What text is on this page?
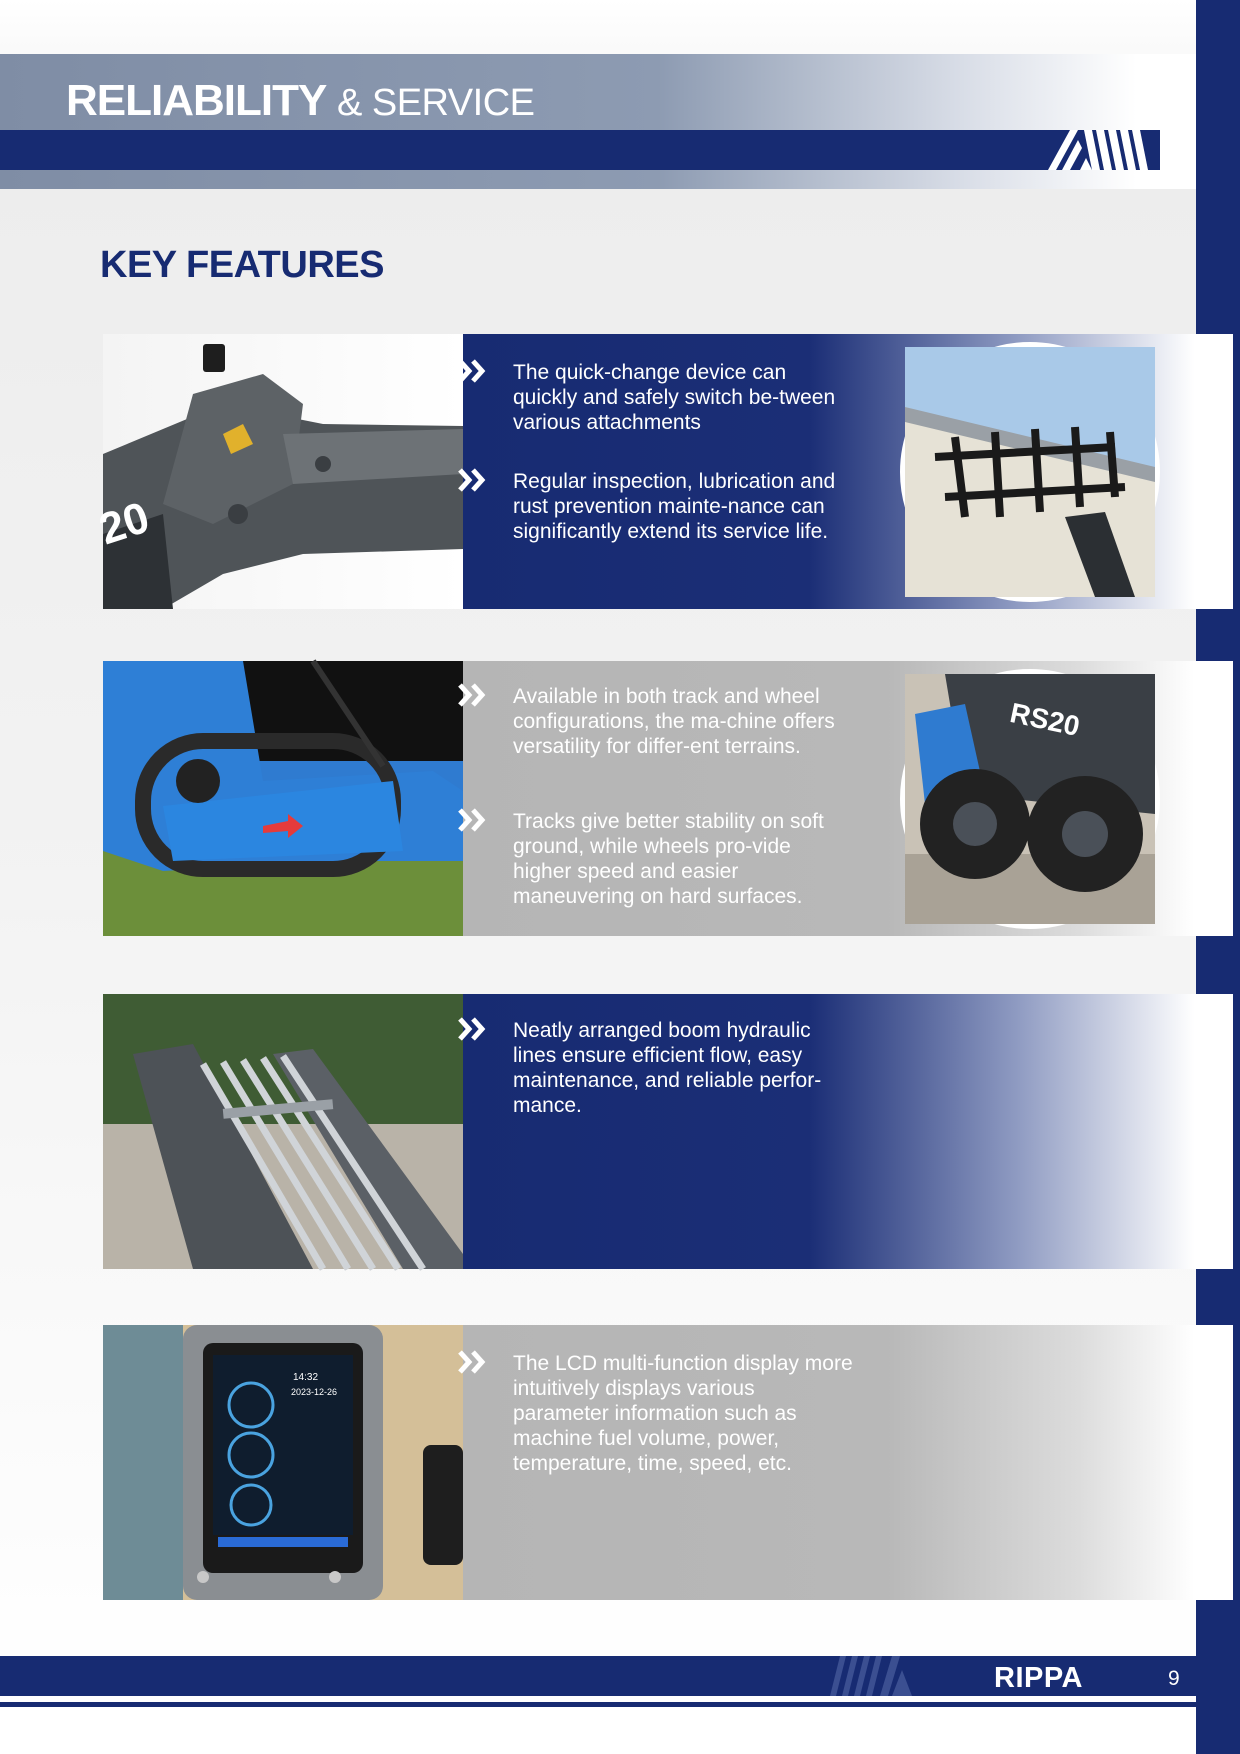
RELIABILITY & SERVICE
KEY FEATURES
20
The quick-change device can quickly and safely switch be-tween various attachments
Regular inspection, lubrication and rust prevention mainte-nance can significantly extend its service life.
Available in both track and wheel configurations, the ma-chine offers versatility for differ-ent terrains.
Tracks give better stability on soft ground, while wheels pro-vide higher speed and easier maneuvering on hard surfaces.
RS20
Neatly arranged boom hydraulic lines ensure efficient flow, easy maintenance, and reliable perfor-mance.
14:32
2023-12-26
The LCD multi-function display more intuitively displays various parameter information such as machine fuel volume, power, temperature, time, speed, etc.
RIPPA	9
